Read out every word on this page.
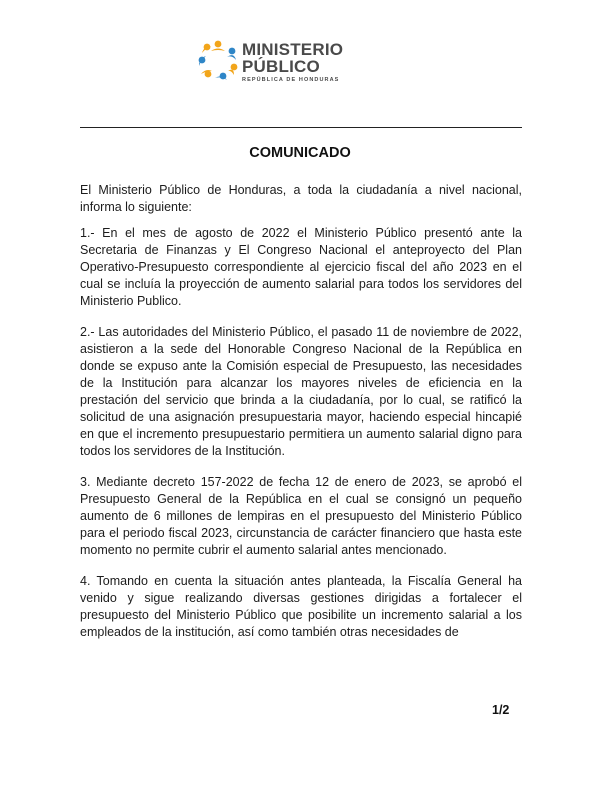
MINISTERIO
PÚBLICO
REPÚBLICA DE HONDURAS
COMUNICADO

El Ministerio Público de Honduras, a toda la ciudadanía a nivel nacional, informa lo siguiente:

1.- En el mes de agosto de 2022 el Ministerio Público presentó ante la Secretaria de Finanzas y El Congreso Nacional el anteproyecto del Plan Operativo-Presupuesto correspondiente al ejercicio fiscal del año 2023 en el cual se incluía la proyección de aumento salarial para todos los servidores del Ministerio Publico.

2.- Las autoridades del Ministerio Público, el pasado 11 de noviembre de 2022, asistieron a la sede del Honorable Congreso Nacional de la República en donde se expuso ante la Comisión especial de Presupuesto, las necesidades de la Institución para alcanzar los mayores niveles de eficiencia en la prestación del servicio que brinda a la ciudadanía, por lo cual, se ratificó la solicitud de una asignación presupuestaria mayor, haciendo especial hincapié en que el incremento presupuestario permitiera un aumento salarial digno para todos los servidores de la Institución.

3. Mediante decreto 157-2022 de fecha 12 de enero de 2023, se aprobó el Presupuesto General de la República en el cual se consignó un pequeño aumento de 6 millones de lempiras en el presupuesto del Ministerio Público para el periodo fiscal 2023, circunstancia de carácter financiero que hasta este momento no permite cubrir el aumento salarial antes mencionado.

4. Tomando en cuenta la situación antes planteada, la Fiscalía General ha venido y sigue realizando diversas gestiones dirigidas a fortalecer el presupuesto del Ministerio Público que posibilite un incremento salarial a los empleados de la institución, así como también otras necesidades de

1/2
